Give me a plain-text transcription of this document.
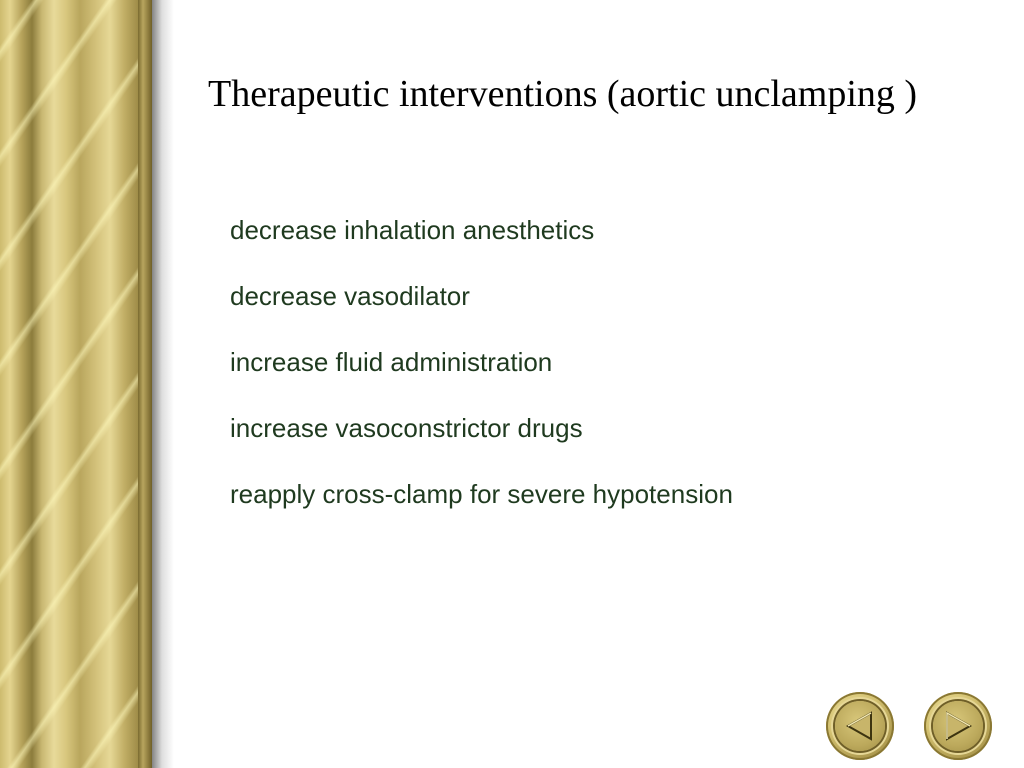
Therapeutic interventions (aortic unclamping )
decrease inhalation anesthetics
decrease vasodilator
increase fluid administration
increase vasoconstrictor drugs
reapply cross-clamp for severe hypotension
